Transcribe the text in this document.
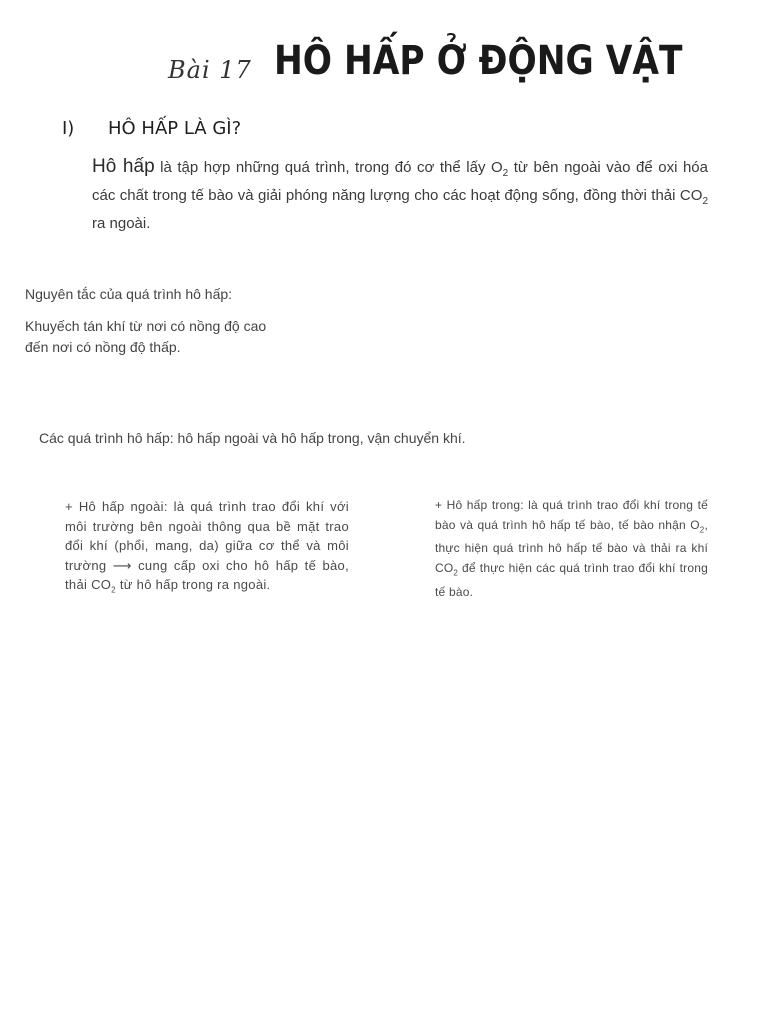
Bài 17 HÔ HẤP Ở ĐỘNG VẬT
I) HÔ HẤP LÀ GÌ?
Hô hấp là tập hợp những quá trình, trong đó cơ thể lấy $O_2$ từ bên ngoài vào để oxi hóa các chất trong tế bào và giải phóng năng lượng cho các hoạt động sống, đồng thời thải $CO_2$ ra ngoài.
Nguyên tắc của quá trình hô hấp:
Khuyếch tán khí từ nơi có nồng độ cao đến nơi có nồng độ thấp.
Các quá trình hô hấp: hô hấp ngoài và hô hấp trong, vận chuyển khí.
+ Hô hấp ngoài: là quá trình trao đổi khí với môi trường bên ngoài thông qua bề mặt trao đổi khí (phổi, mang, da) giữa cơ thể và môi trường ⟶ cung cấp oxi cho hô hấp tế bào, thải $CO_2$ từ hô hấp trong ra ngoài.
+ Hô hấp trong: là quá trình trao đổi khí trong tế bào và quá trình hô hấp tế bào, tế bào nhận $O_2$, thực hiện quá trình hô hấp tế bào và thải ra khí $CO_2$ để thực hiện các quá trình trao đổi khí trong tế bào.
